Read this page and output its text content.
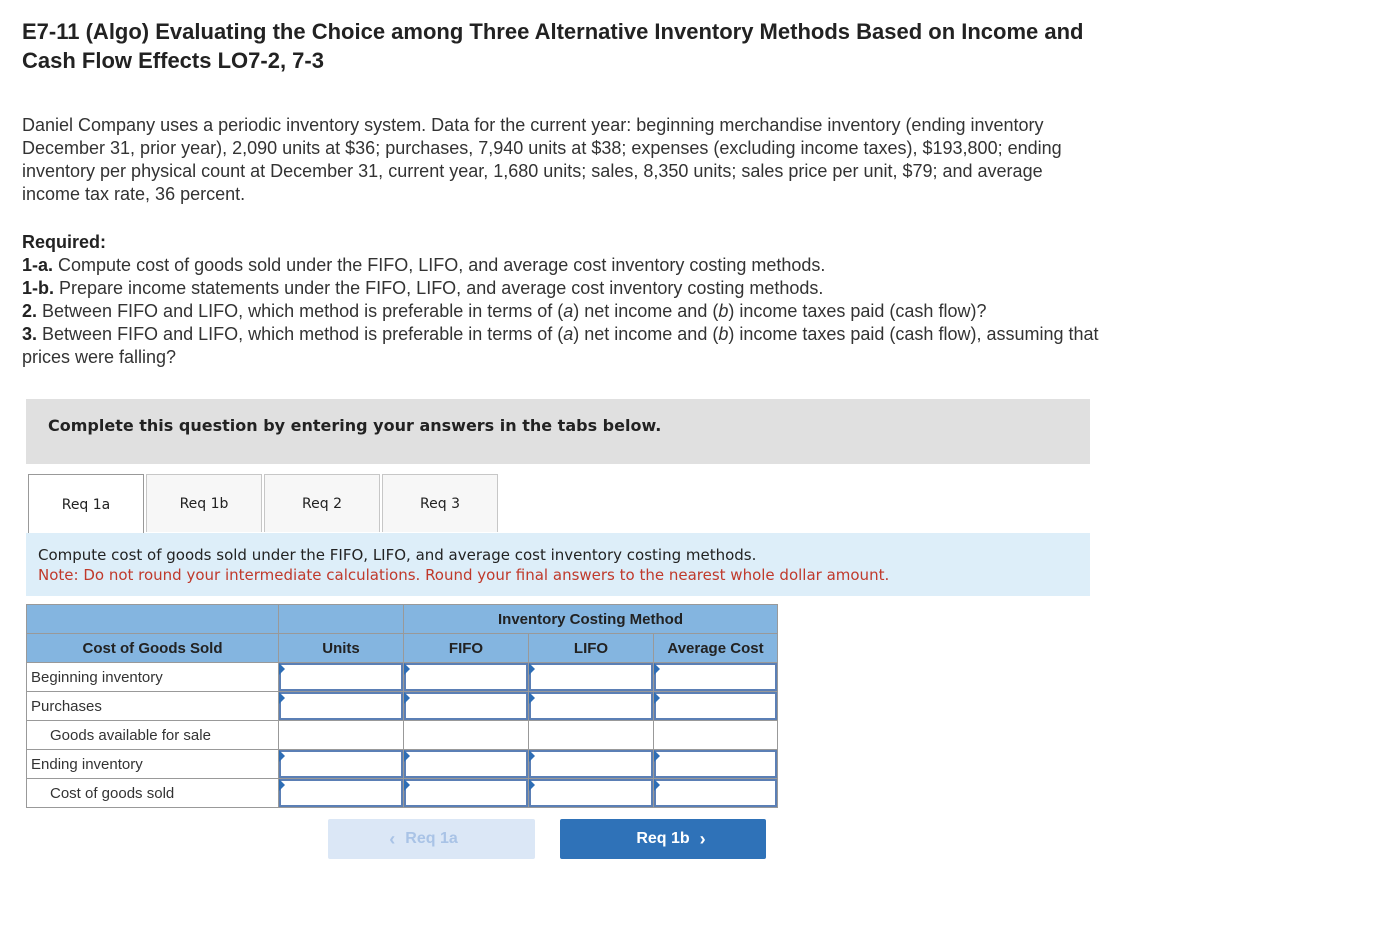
E7-11 (Algo) Evaluating the Choice among Three Alternative Inventory Methods Based on Income and
Cash Flow Effects LO7-2, 7-3
Daniel Company uses a periodic inventory system. Data for the current year: beginning merchandise inventory (ending inventory
December 31, prior year), 2,090 units at $36; purchases, 7,940 units at $38; expenses (excluding income taxes), $193,800; ending
inventory per physical count at December 31, current year, 1,680 units; sales, 8,350 units; sales price per unit, $79; and average
income tax rate, 36 percent.
Required:
1-a. Compute cost of goods sold under the FIFO, LIFO, and average cost inventory costing methods.
1-b. Prepare income statements under the FIFO, LIFO, and average cost inventory costing methods.
2. Between FIFO and LIFO, which method is preferable in terms of (a) net income and (b) income taxes paid (cash flow)?
3. Between FIFO and LIFO, which method is preferable in terms of (a) net income and (b) income taxes paid (cash flow), assuming that
prices were falling?
Complete this question by entering your answers in the tabs below.
Req 1a	Req 1b	Req 2	Req 3
Compute cost of goods sold under the FIFO, LIFO, and average cost inventory costing methods.
Note: Do not round your intermediate calculations. Round your final answers to the nearest whole dollar amount.
		Inventory Costing Method		
Cost of Goods Sold	Units	FIFO	LIFO	Average Cost
Beginning inventory				
Purchases				
Goods available for sale				
Ending inventory				
Cost of goods sold				
‹ Req 1a	Req 1b ›
